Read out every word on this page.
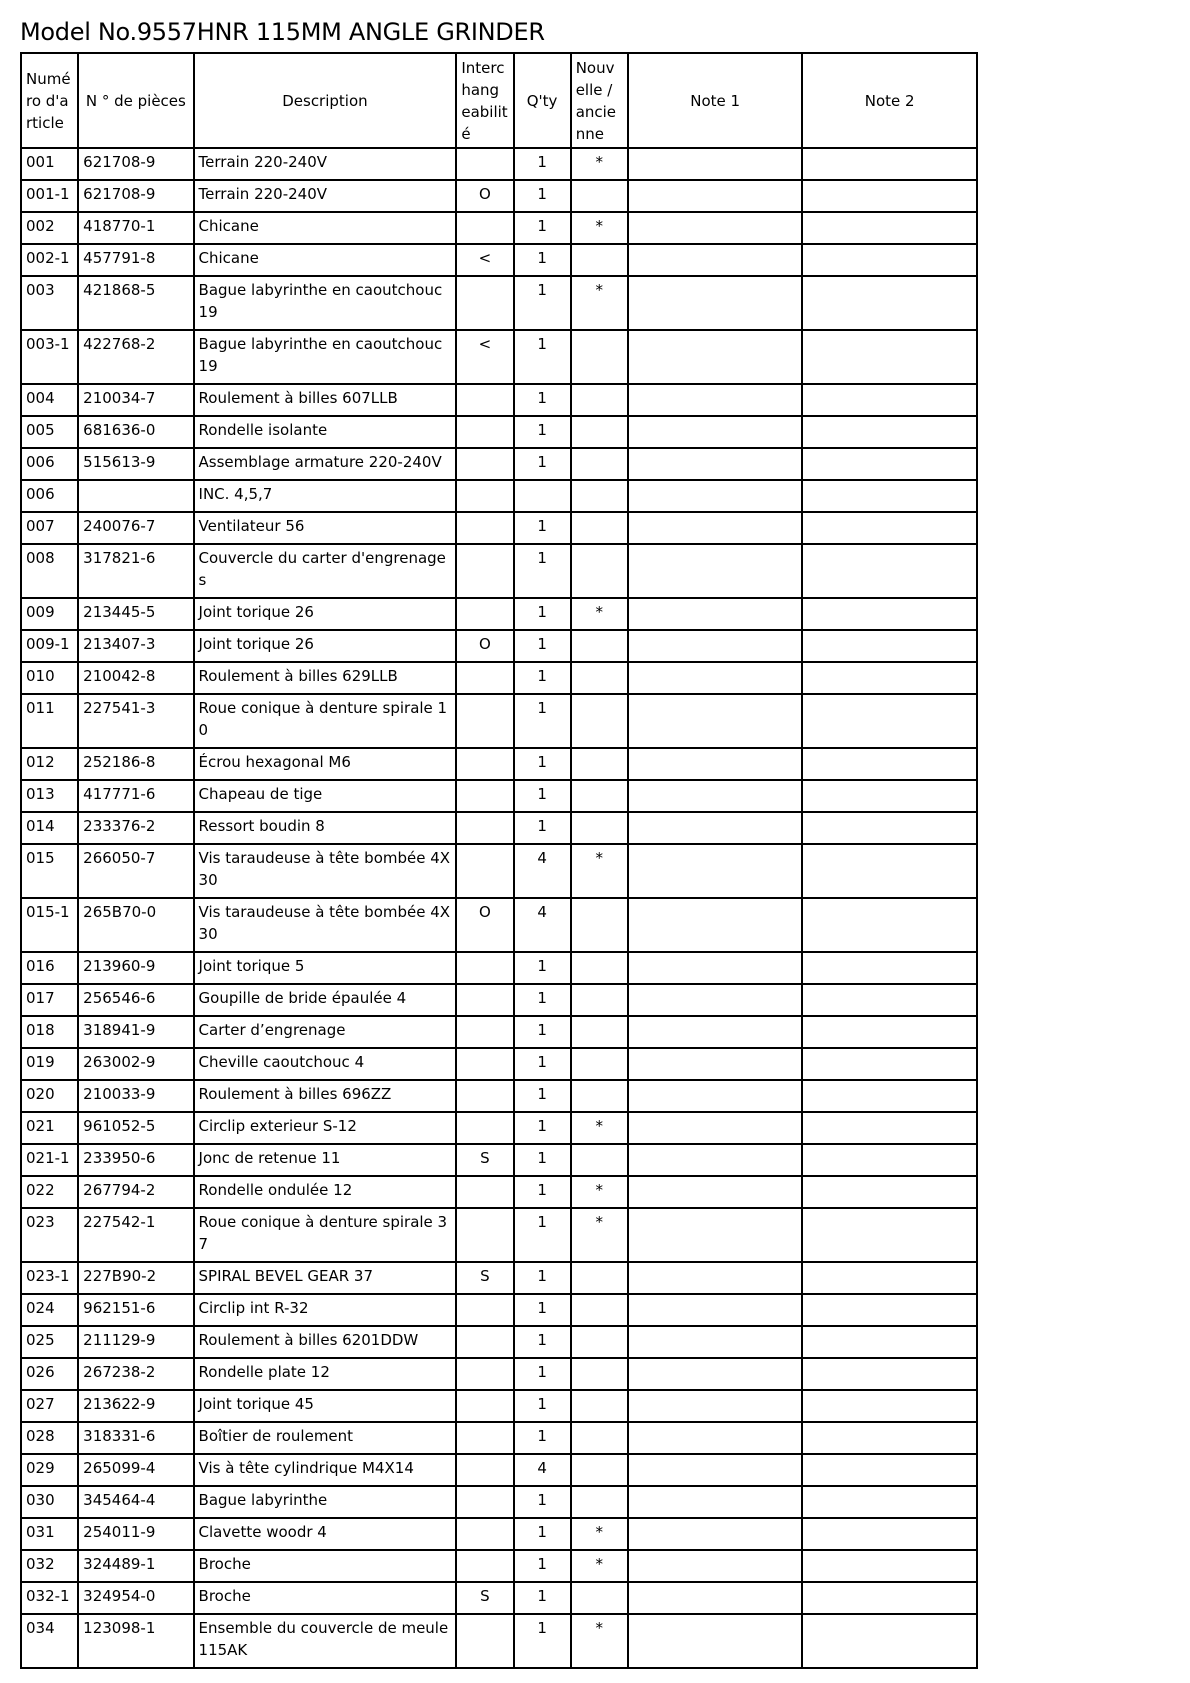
Model No.9557HNR 115MM ANGLE GRINDER
Numé ro d'a rticle	N ° de pièces	Description	Interc hang eabilit é	Q'ty	Nouv elle / ancie nne	Note 1	Note 2
001	621708-9	Terrain 220-240V		1	*		
001-1	621708-9	Terrain 220-240V	O	1			
002	418770-1	Chicane		1	*		
002-1	457791-8	Chicane	<	1			
003	421868-5	Bague labyrinthe en caoutchouc 19		1	*		
003-1	422768-2	Bague labyrinthe en caoutchouc 19	<	1			
004	210034-7	Roulement à billes 607LLB		1			
005	681636-0	Rondelle isolante		1			
006	515613-9	Assemblage armature 220-240V		1			
006		INC. 4,5,7					
007	240076-7	Ventilateur 56		1			
008	317821-6	Couvercle du carter d'engrenage s		1			
009	213445-5	Joint torique 26		1	*		
009-1	213407-3	Joint torique 26	O	1			
010	210042-8	Roulement à billes 629LLB		1			
011	227541-3	Roue conique à denture spirale 1 0		1			
012	252186-8	Écrou hexagonal M6		1			
013	417771-6	Chapeau de tige		1			
014	233376-2	Ressort boudin 8		1			
015	266050-7	Vis taraudeuse à tête bombée 4X 30		4	*		
015-1	265B70-0	Vis taraudeuse à tête bombée 4X 30	O	4			
016	213960-9	Joint torique 5		1			
017	256546-6	Goupille de bride épaulée 4		1			
018	318941-9	Carter d’engrenage		1			
019	263002-9	Cheville caoutchouc 4		1			
020	210033-9	Roulement à billes 696ZZ		1			
021	961052-5	Circlip exterieur S-12		1	*		
021-1	233950-6	Jonc de retenue 11	S	1			
022	267794-2	Rondelle ondulée 12		1	*		
023	227542-1	Roue conique à denture spirale 3 7		1	*		
023-1	227B90-2	SPIRAL BEVEL GEAR 37	S	1			
024	962151-6	Circlip int R-32		1			
025	211129-9	Roulement à billes 6201DDW		1			
026	267238-2	Rondelle plate 12		1			
027	213622-9	Joint torique 45		1			
028	318331-6	Boîtier de roulement		1			
029	265099-4	Vis à tête cylindrique M4X14		4			
030	345464-4	Bague labyrinthe		1			
031	254011-9	Clavette woodr 4		1	*		
032	324489-1	Broche		1	*		
032-1	324954-0	Broche	S	1			
034	123098-1	Ensemble du couvercle de meule 115AK		1	*		
